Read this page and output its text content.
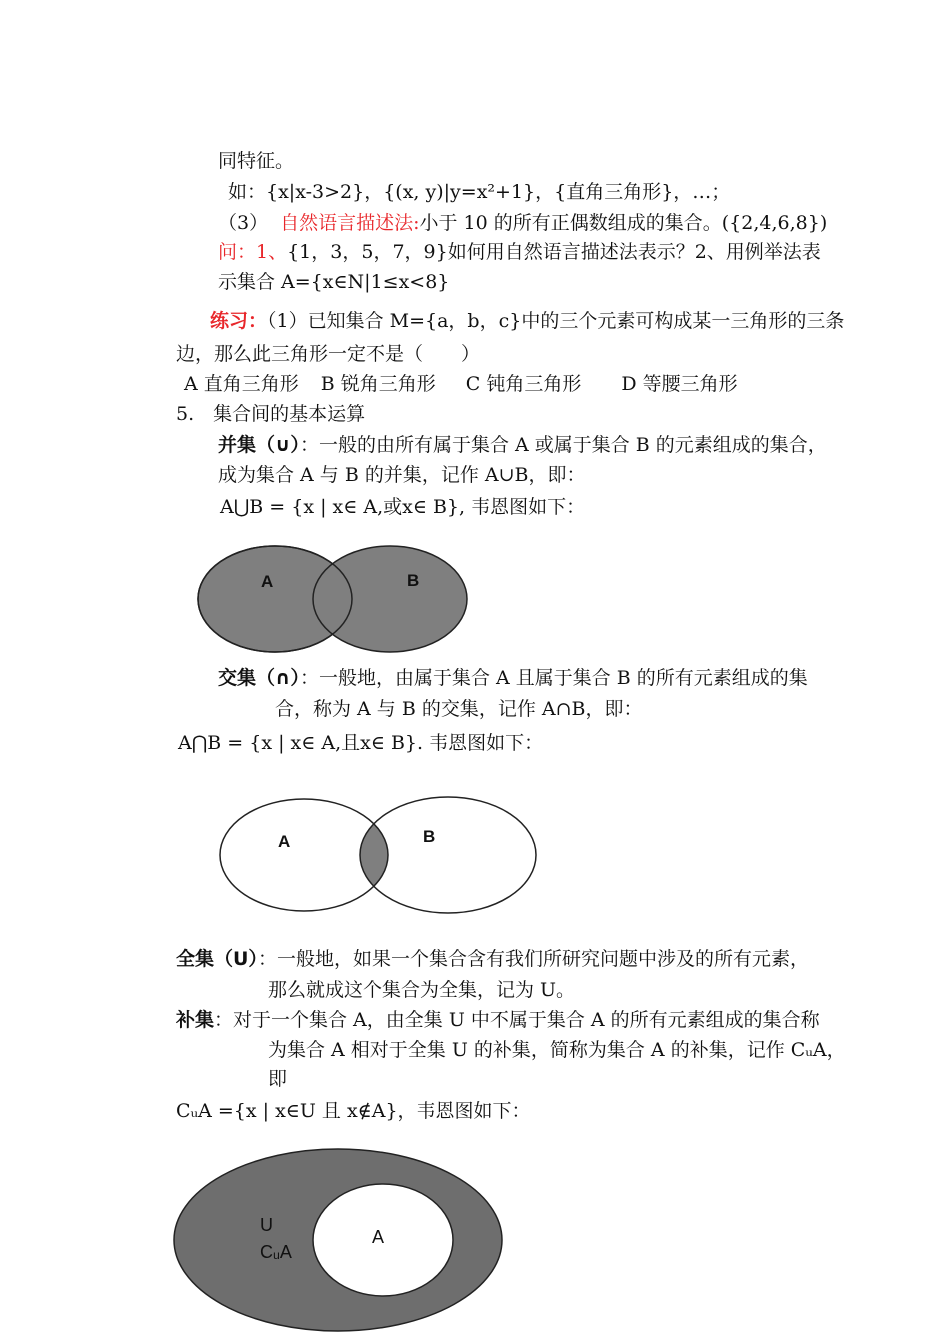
同特征。
如：{x|x-3>2}，{(x, y)|y=x²+1}，{直角三角形}，…；
（3） 自然语言描述法:小于 10 的所有正偶数组成的集合。({2,4,6,8})
问：1、{1，3，5，7，9}如何用自然语言描述法表示？2、用例举法表
示集合 A={x∈N|1≤x<8}
练习：（1）已知集合 M={a，b，c}中的三个元素可构成某一三角形的三条
边，那么此三角形一定不是（　　）
A 直角三角形 B 锐角三角形 C 钝角三角形 D 等腰三角形
5.　集合间的基本运算
并集（∪）：一般的由所有属于集合 A 或属于集合 B 的元素组成的集合，
成为集合 A 与 B 的并集，记作 A∪B，即：
A⋃B = {x | x∈ A,或x∈ B}, 韦恩图如下：
A	B
交集（∩）：一般地，由属于集合 A 且属于集合 B 的所有元素组成的集
合，称为 A 与 B 的交集，记作 A∩B，即：
A⋂B = {x | x∈ A,且x∈ B}. 韦恩图如下：
A	B
全集（U）：一般地，如果一个集合含有我们所研究问题中涉及的所有元素，
那么就成这个集合为全集，记为 U。
补集：对于一个集合 A，由全集 U 中不属于集合 A 的所有元素组成的集合称
为集合 A 相对于全集 U 的补集，简称为集合 A 的补集，记作 CᵤA，
即
CᵤA ={x | x∈U 且 x∉A}，韦恩图如下：
U
CᵤA
A
